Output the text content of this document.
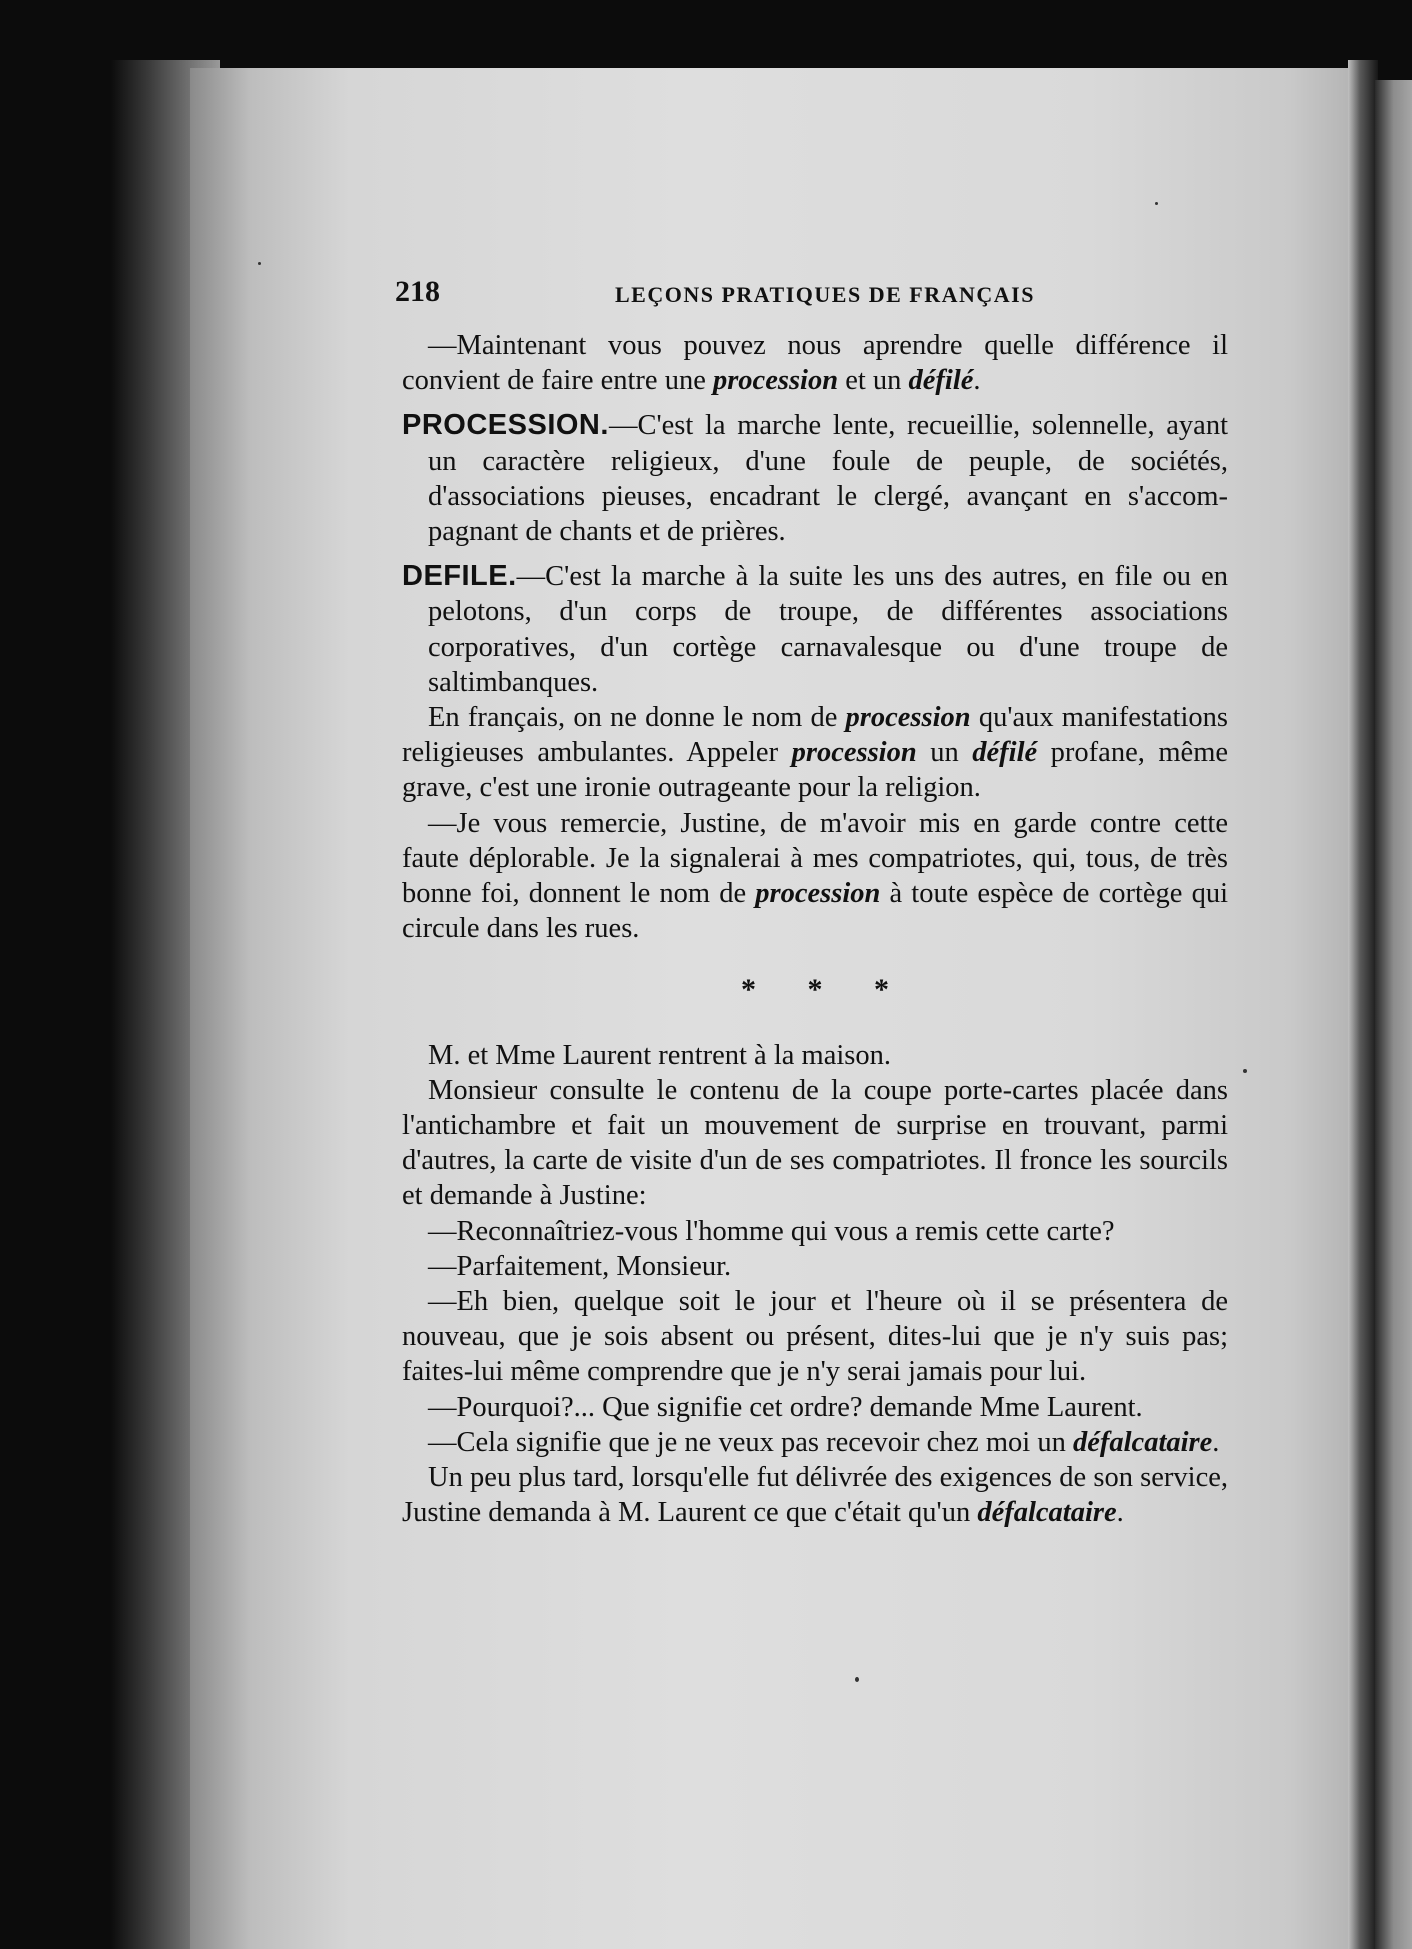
218	LEÇONS PRATIQUES DE FRANÇAIS

—Maintenant vous pouvez nous aprendre quelle différence il convient de faire entre une procession et un défilé.

PROCESSION.—C'est la marche lente, recueillie, solennelle, ayant un caractère religieux, d'une foule de peuple, de sociétés, d'associations pieuses, encadrant le clergé, avançant en s'accompagnant de chants et de prières.

DEFILE.—C'est la marche à la suite les uns des autres, en file ou en pelotons, d'un corps de troupe, de différentes associations corporatives, d'un cortège carnavalesque ou d'une troupe de saltimbanques.

En français, on ne donne le nom de procession qu'aux manifestations religieuses ambulantes. Appeler procession un défilé profane, même grave, c'est une ironie outrageante pour la religion.

—Je vous remercie, Justine, de m'avoir mis en garde contre cette faute déplorable. Je la signalerai à mes compatriotes, qui, tous, de très bonne foi, donnent le nom de procession à toute espèce de cortège qui circule dans les rues.

* * *

M. et Mme Laurent rentrent à la maison.

Monsieur consulte le contenu de la coupe porte-cartes placée dans l'antichambre et fait un mouvement de surprise en trouvant, parmi d'autres, la carte de visite d'un de ses compatriotes. Il fronce les sourcils et demande à Justine:

—Reconnaîtriez-vous l'homme qui vous a remis cette carte?

—Parfaitement, Monsieur.

—Eh bien, quelque soit le jour et l'heure où il se présentera de nouveau, que je sois absent ou présent, dites-lui que je n'y suis pas; faites-lui même comprendre que je n'y serai jamais pour lui.

—Pourquoi?... Que signifie cet ordre? demande Mme Laurent.

—Cela signifie que je ne veux pas recevoir chez moi un défalcataire.

Un peu plus tard, lorsqu'elle fut délivrée des exigences de son service, Justine demanda à M. Laurent ce que c'était qu'un défalcataire.
